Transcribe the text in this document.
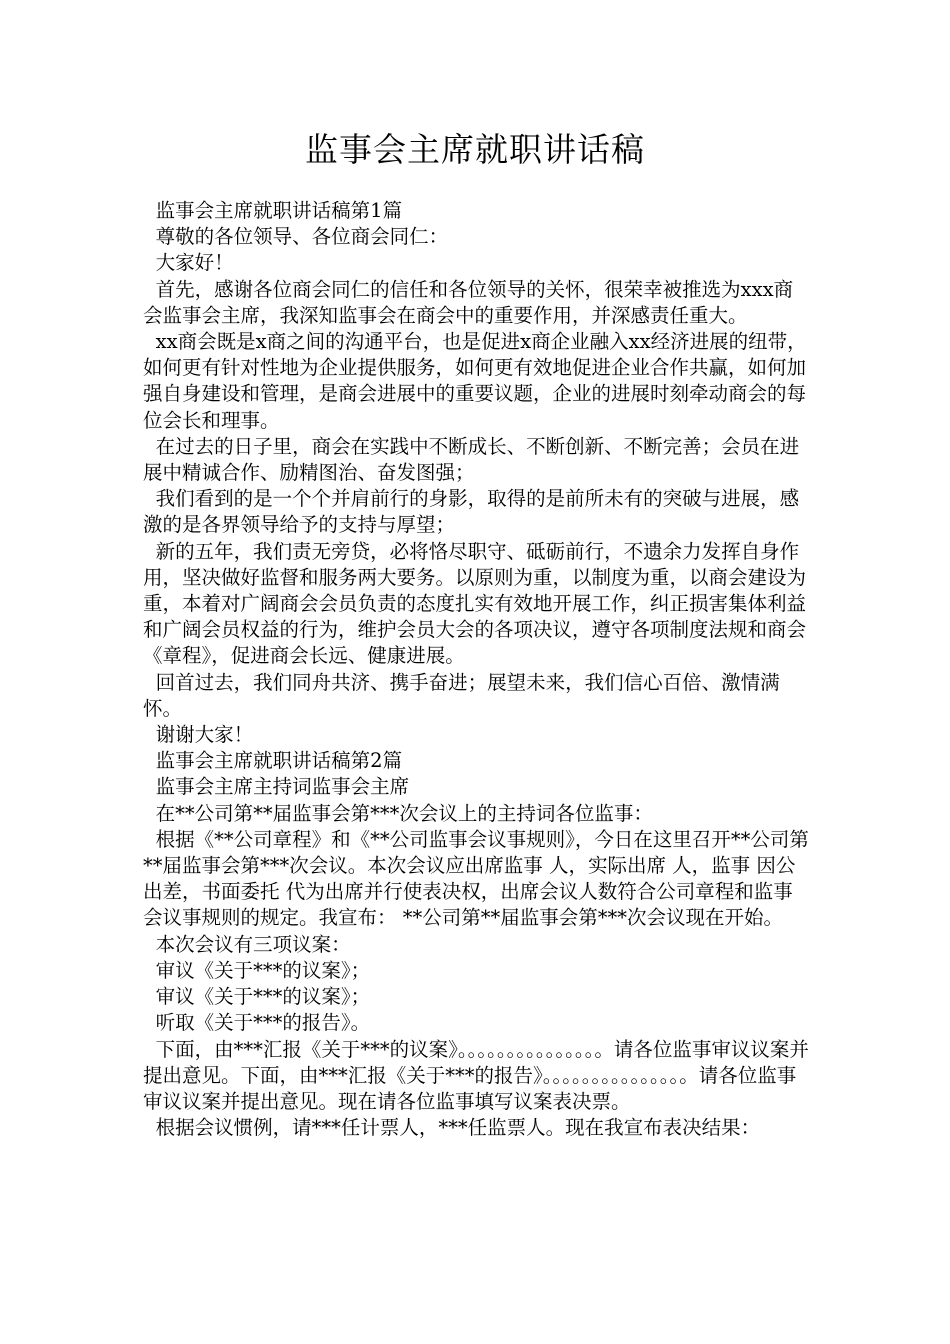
监事会主席就职讲话稿

监事会主席就职讲话稿第1篇

尊敬的各位领导、各位商会同仁：

大家好！

首先，感谢各位商会同仁的信任和各位领导的关怀，很荣幸被推选为xxx商会监事会主席，我深知监事会在商会中的重要作用，并深感责任重大。

xx商会既是x商之间的沟通平台，也是促进x商企业融入xx经济进展的纽带，如何更有针对性地为企业提供服务，如何更有效地促进企业合作共赢，如何加强自身建设和管理，是商会进展中的重要议题，企业的进展时刻牵动商会的每位会长和理事。

在过去的日子里，商会在实践中不断成长、不断创新、不断完善；会员在进展中精诚合作、励精图治、奋发图强；

我们看到的是一个个并肩前行的身影，取得的是前所未有的突破与进展，感激的是各界领导给予的支持与厚望；

新的五年，我们责无旁贷，必将恪尽职守、砥砺前行，不遗余力发挥自身作用，坚决做好监督和服务两大要务。以原则为重，以制度为重，以商会建设为重，本着对广阔商会会员负责的态度扎实有效地开展工作，纠正损害集体利益和广阔会员权益的行为，维护会员大会的各项决议，遵守各项制度法规和商会《章程》，促进商会长远、健康进展。

回首过去，我们同舟共济、携手奋进；展望未来，我们信心百倍、激情满怀。

谢谢大家！

监事会主席就职讲话稿第2篇

监事会主席主持词监事会主席

在**公司第**届监事会第***次会议上的主持词各位监事：

根据《**公司章程》和《**公司监事会议事规则》，今日在这里召开**公司第**届监事会第***次会议。本次会议应出席监事 人，实际出席 人，监事 因公出差，书面委托 代为出席并行使表决权，出席会议人数符合公司章程和监事会议事规则的规定。我宣布： **公司第**届监事会第***次会议现在开始。

本次会议有三项议案：

审议《关于***的议案》；

审议《关于***的议案》；

听取《关于***的报告》。

下面，由***汇报《关于***的议案》。。。。。。。。。。。。。。。请各位监事审议议案并提出意见。下面，由***汇报《关于***的报告》。。。。。。。。。。。。。。。请各位监事审议议案并提出意见。现在请各位监事填写议案表决票。

根据会议惯例，请***任计票人，***任监票人。现在我宣布表决结果：
